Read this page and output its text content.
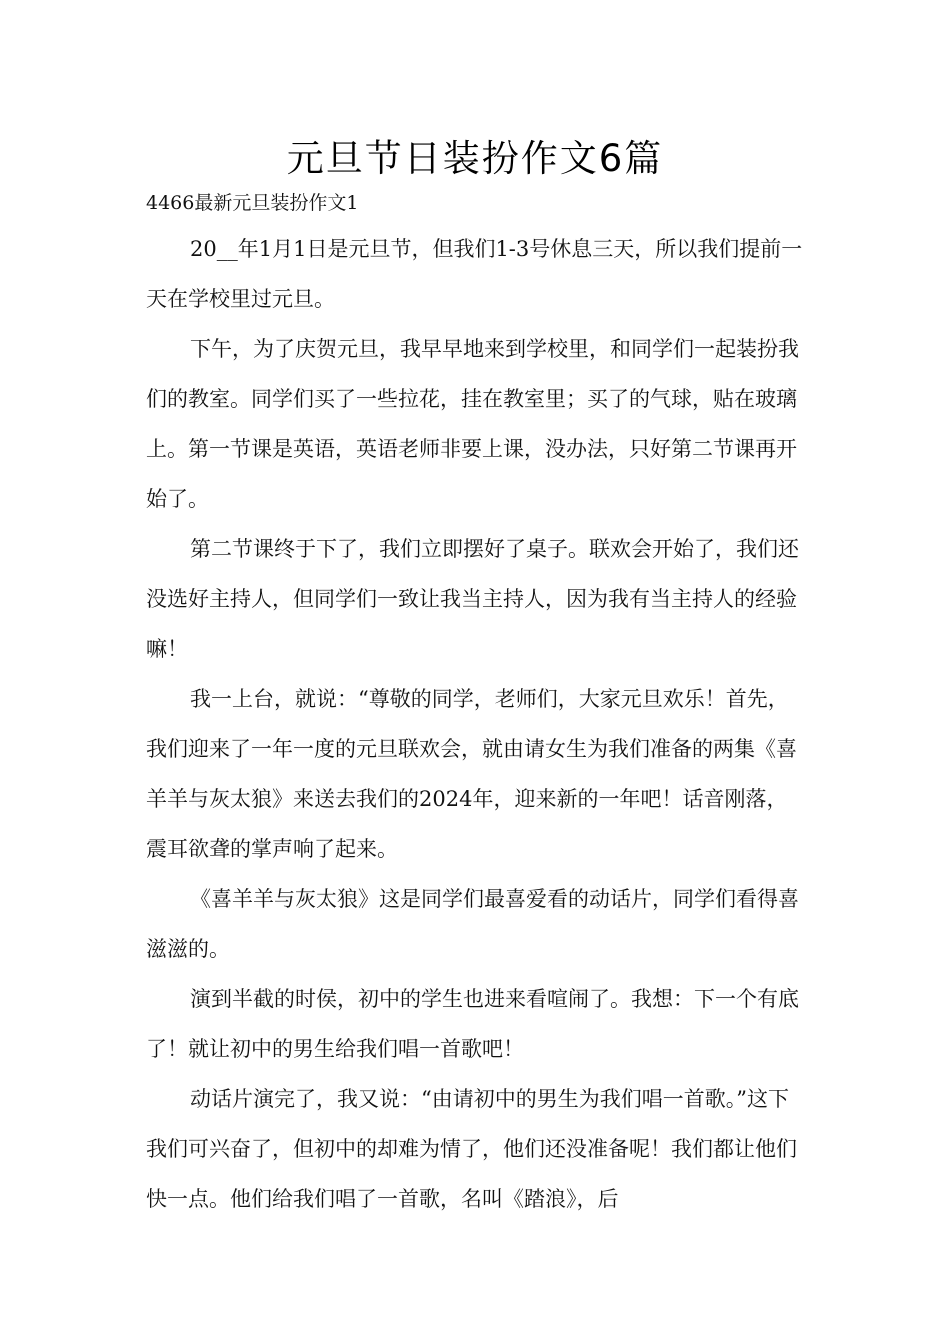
元旦节日装扮作文6篇
4466最新元旦装扮作文1

20__年1月1日是元旦节，但我们1-3号休息三天，所以我们提前一天在学校里过元旦。

下午，为了庆贺元旦，我早早地来到学校里，和同学们一起装扮我们的教室。同学们买了一些拉花，挂在教室里；买了的气球，贴在玻璃上。第一节课是英语，英语老师非要上课，没办法，只好第二节课再开始了。

第二节课终于下了，我们立即摆好了桌子。联欢会开始了，我们还没选好主持人，但同学们一致让我当主持人，因为我有当主持人的经验嘛！

我一上台，就说：“尊敬的同学，老师们，大家元旦欢乐！首先，我们迎来了一年一度的元旦联欢会，就由请女生为我们准备的两集《喜羊羊与灰太狼》来送去我们的2024年，迎来新的一年吧！话音刚落，震耳欲聋的掌声响了起来。

《喜羊羊与灰太狼》这是同学们最喜爱看的动话片，同学们看得喜滋滋的。

演到半截的时侯，初中的学生也进来看喧闹了。我想：下一个有底了！就让初中的男生给我们唱一首歌吧！

动话片演完了，我又说：“由请初中的男生为我们唱一首歌。”这下我们可兴奋了，但初中的却难为情了，他们还没准备呢！我们都让他们快一点。他们给我们唱了一首歌，名叫《踏浪》，后
